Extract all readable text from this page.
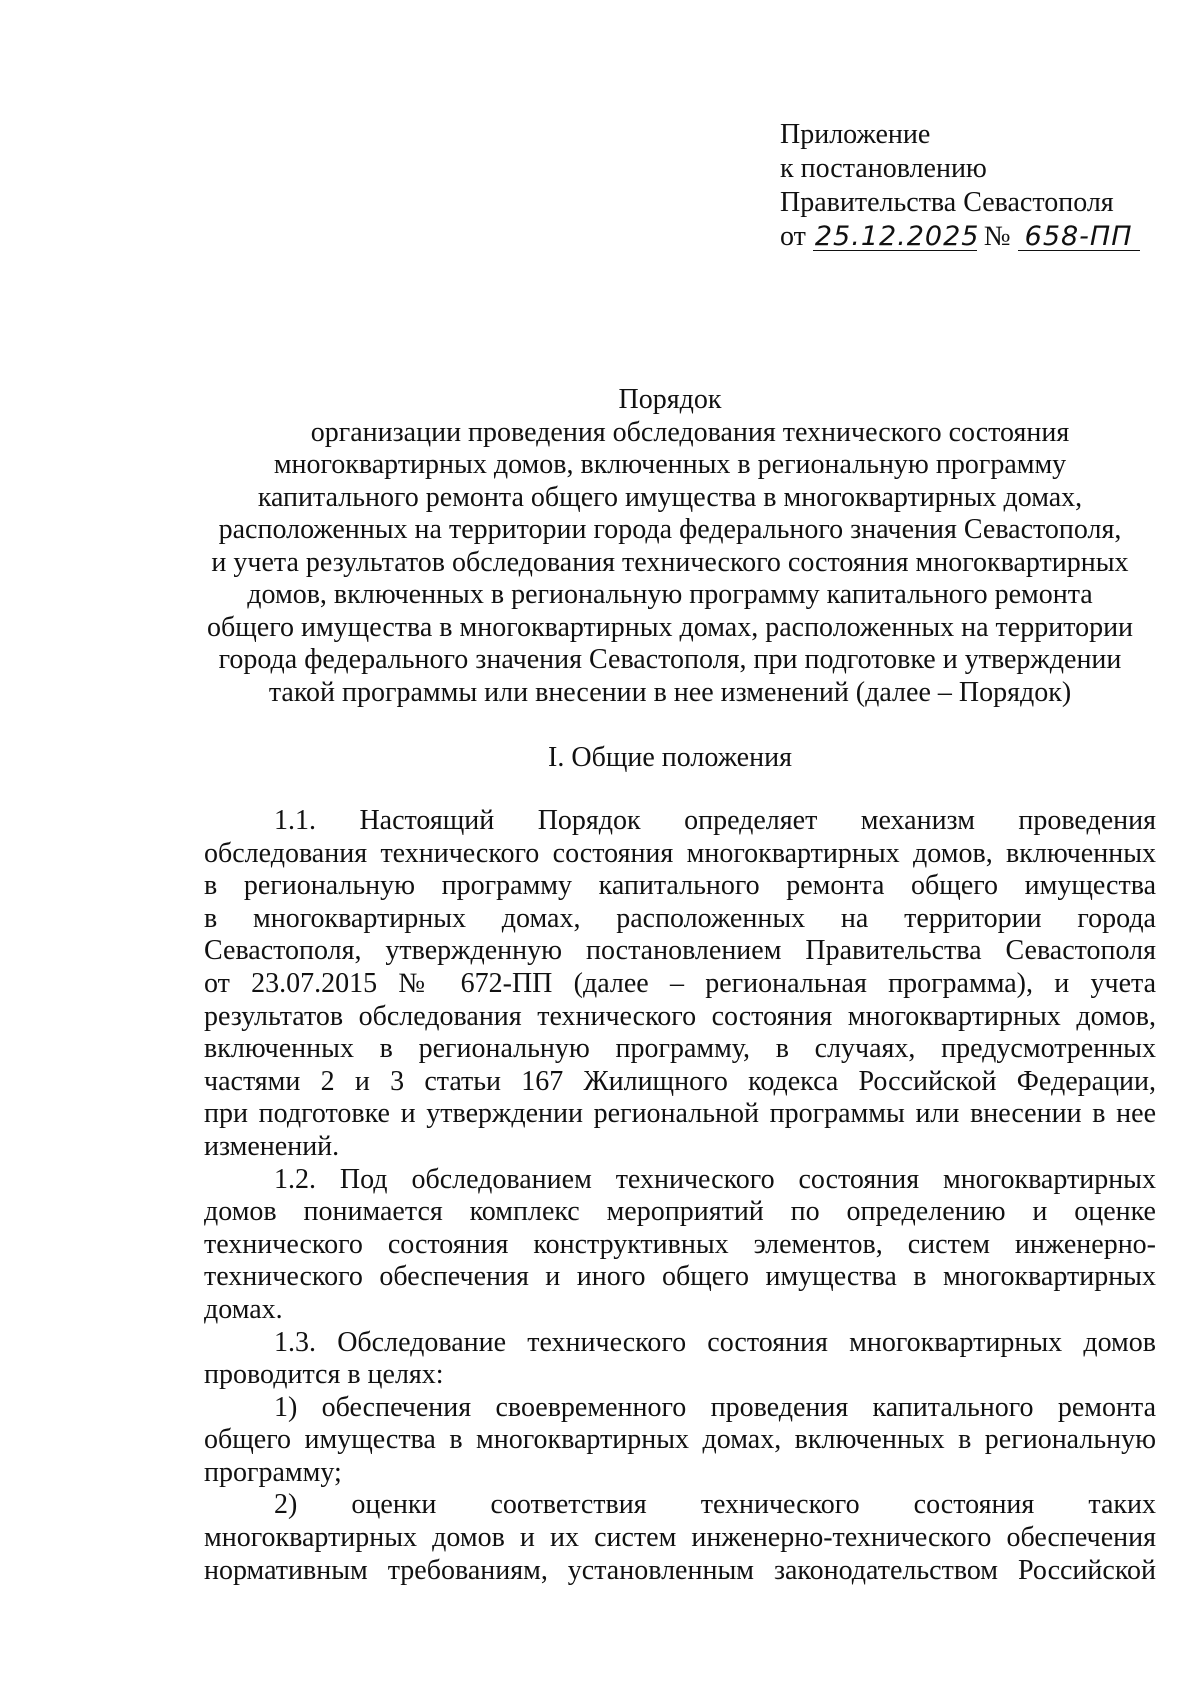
Приложение
к постановлению
Правительства Севастополя
от 25.12.2025 № 658-ПП
Порядок
организации проведения обследования технического состояния
многоквартирных домов, включенных в региональную программу
капитального ремонта общего имущества в многоквартирных домах,
расположенных на территории города федерального значения Севастополя,
и учета результатов обследования технического состояния многоквартирных
домов, включенных в региональную программу капитального ремонта
общего имущества в многоквартирных домах, расположенных на территории
города федерального значения Севастополя, при подготовке и утверждении
такой программы или внесении в нее изменений (далее – Порядок)
I. Общие положения
1.1. Настоящий Порядок определяет механизм проведения
обследования технического состояния многоквартирных домов, включенных
в региональную программу капитального ремонта общего имущества
в многоквартирных домах, расположенных на территории города
Севастополя, утвержденную постановлением Правительства Севастополя
от 23.07.2015 № 672-ПП (далее – региональная программа), и учета
результатов обследования технического состояния многоквартирных домов,
включенных в региональную программу, в случаях, предусмотренных
частями 2 и 3 статьи 167 Жилищного кодекса Российской Федерации,
при подготовке и утверждении региональной программы или внесении в нее
изменений.
1.2. Под обследованием технического состояния многоквартирных
домов понимается комплекс мероприятий по определению и оценке
технического состояния конструктивных элементов, систем инженерно-
технического обеспечения и иного общего имущества в многоквартирных
домах.
1.3. Обследование технического состояния многоквартирных домов
проводится в целях:
1) обеспечения своевременного проведения капитального ремонта
общего имущества в многоквартирных домах, включенных в региональную
программу;
2) оценки соответствия технического состояния таких
многоквартирных домов и их систем инженерно-технического обеспечения
нормативным требованиям, установленным законодательством Российской
